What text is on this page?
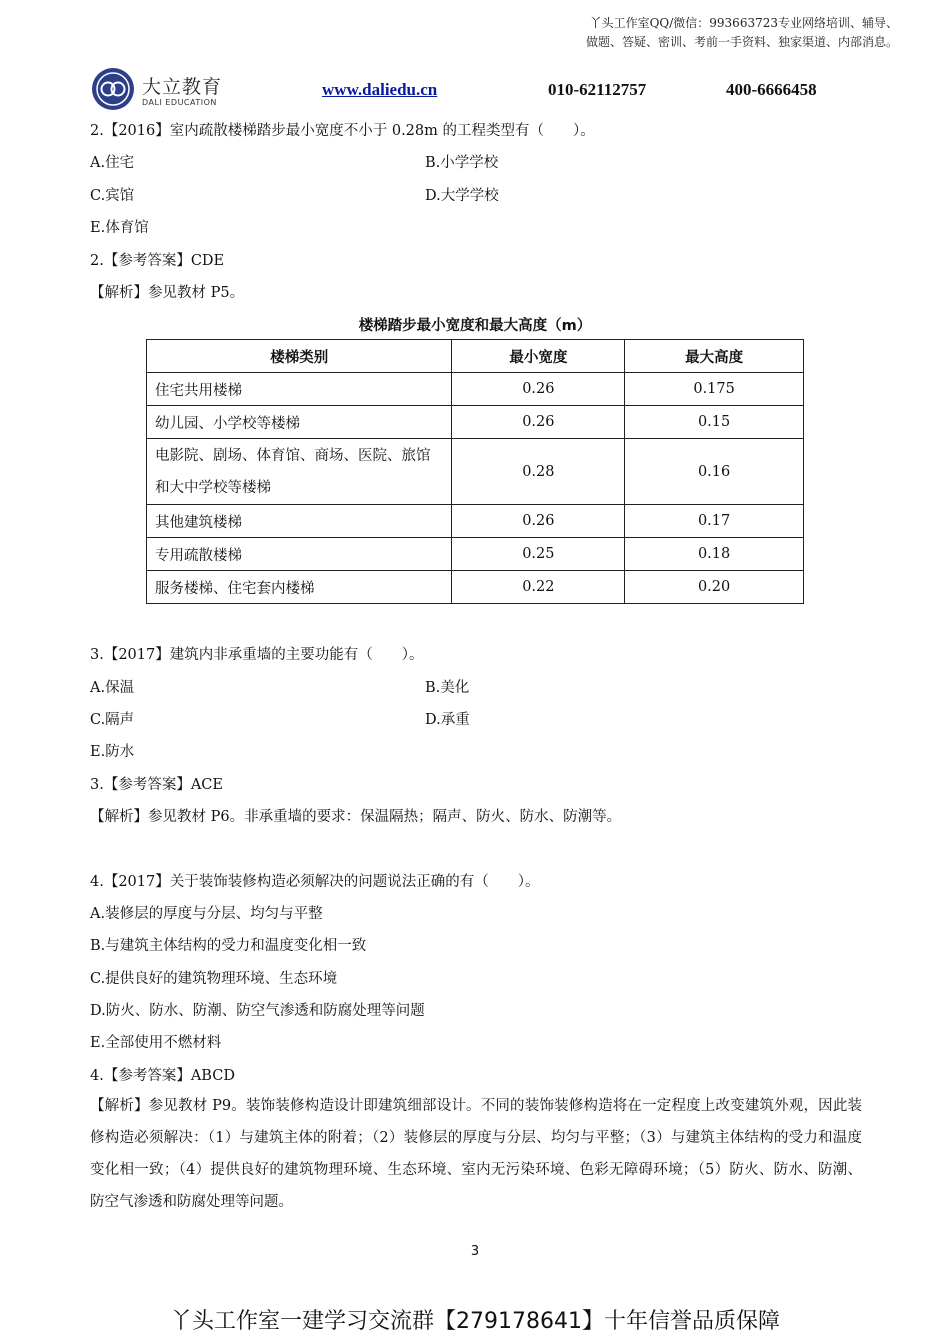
丫头工作室QQ/微信：993663723专业网络培训、辅导、
做题、答疑、密训、考前一手资料、独家渠道、内部消息。
大立教育
DALI EDUCATION
www.daliedu.cn	010-62112757	400-6666458
2.【2016】室内疏散楼梯踏步最小宽度不小于 0.28m 的工程类型有（　　）。
A.住宅	B.小学学校
C.宾馆	D.大学学校
E.体育馆
2.【参考答案】CDE
【解析】参见教材 P5。
楼梯踏步最小宽度和最大高度（m）
楼梯类别	最小宽度	最大高度
住宅共用楼梯	0.26	0.175
幼儿园、小学校等楼梯	0.26	0.15
电影院、剧场、体育馆、商场、医院、旅馆和大中学校等楼梯	0.28	0.16
其他建筑楼梯	0.26	0.17
专用疏散楼梯	0.25	0.18
服务楼梯、住宅套内楼梯	0.22	0.20
3.【2017】建筑内非承重墙的主要功能有（　　）。
A.保温	B.美化
C.隔声	D.承重
E.防水
3.【参考答案】ACE
【解析】参见教材 P6。非承重墙的要求：保温隔热；隔声、防火、防水、防潮等。
4.【2017】关于装饰装修构造必须解决的问题说法正确的有（　　）。
A.装修层的厚度与分层、均匀与平整
B.与建筑主体结构的受力和温度变化相一致
C.提供良好的建筑物理环境、生态环境
D.防火、防水、防潮、防空气渗透和防腐处理等问题
E.全部使用不燃材料
4.【参考答案】ABCD
【解析】参见教材 P9。装饰装修构造设计即建筑细部设计。不同的装饰装修构造将在一定程度上改变建筑外观，因此装修构造必须解决：（1）与建筑主体的附着；（2）装修层的厚度与分层、均匀与平整；（3）与建筑主体结构的受力和温度变化相一致；（4）提供良好的建筑物理环境、生态环境、室内无污染环境、色彩无障碍环境；（5）防火、防水、防潮、防空气渗透和防腐处理等问题。
3
丫头工作室一建学习交流群【279178641】十年信誉品质保障
